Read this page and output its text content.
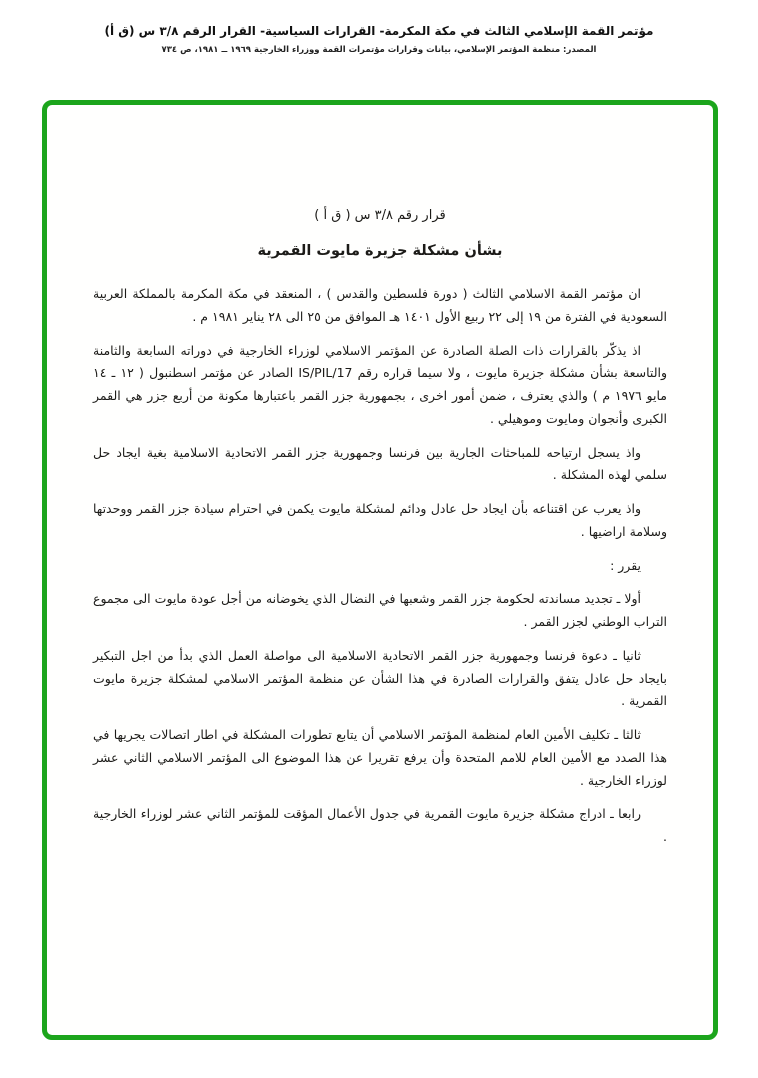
مؤتمر القمة الإسلامي الثالث في مكة المكرمة- القرارات السياسية- القرار الرقم ٣/٨ س (ق أ)
المصدر: منظمة المؤتمر الإسلامي، بيانات وقرارات مؤتمرات القمة ووزراء الخارجية ١٩٦٩ ــ ١٩٨١، ص ٧٣٤
قرار رقم ٣/٨ س ( ق أ )
بشأن مشكلة جزيرة مايوت القمرية

ان مؤتمر القمة الاسلامي الثالث ( دورة فلسطين والقدس ) ، المنعقد في مكة المكرمة بالمملكة العربية السعودية في الفترة من ١٩ إلى ٢٢ ربيع الأول ١٤٠١ هـ الموافق من ٢٥ الى ٢٨ يناير ١٩٨١ م .

اذ يذكّر بالقرارات ذات الصلة الصادرة عن المؤتمر الاسلامي لوزراء الخارجية في دوراته السابعة والثامنة والتاسعة بشأن مشكلة جزيرة مايوت ، ولا سيما قراره رقم IS/PIL/17 الصادر عن مؤتمر اسطنبول ( ١٢ ـ ١٤ مايو ١٩٧٦ م ) والذي يعترف ، ضمن أمور اخرى ، بجمهورية جزر القمر باعتبارها مكونة من أربع جزر هي القمر الكبرى وأنجوان ومايوت وموهيلي .

واذ يسجل ارتياحه للمباحثات الجارية بين فرنسا وجمهورية جزر القمر الاتحادية الاسلامية بغية ايجاد حل سلمي لهذه المشكلة .

واذ يعرب عن اقتناعه بأن ايجاد حل عادل ودائم لمشكلة مايوت يكمن في احترام سيادة جزر القمر ووحدتها وسلامة اراضيها .

يقرر :

أولا ـ تجديد مساندته لحكومة جزر القمر وشعبها في النضال الذي يخوضانه من أجل عودة مايوت الى مجموع التراب الوطني لجزر القمر .

ثانيا ـ دعوة فرنسا وجمهورية جزر القمر الاتحادية الاسلامية الى مواصلة العمل الذي بدأ من اجل التبكير بايجاد حل عادل يتفق والقرارات الصادرة في هذا الشأن عن منظمة المؤتمر الاسلامي لمشكلة جزيرة مايوت القمرية .

ثالثا ـ تكليف الأمين العام لمنظمة المؤتمر الاسلامي أن يتابع تطورات المشكلة في اطار اتصالات يجريها في هذا الصدد مع الأمين العام للامم المتحدة وأن يرفع تقريرا عن هذا الموضوع الى المؤتمر الاسلامي الثاني عشر لوزراء الخارجية .

رابعا ـ ادراج مشكلة جزيرة مايوت القمرية في جدول الأعمال المؤقت للمؤتمر الثاني عشر لوزراء الخارجية .
